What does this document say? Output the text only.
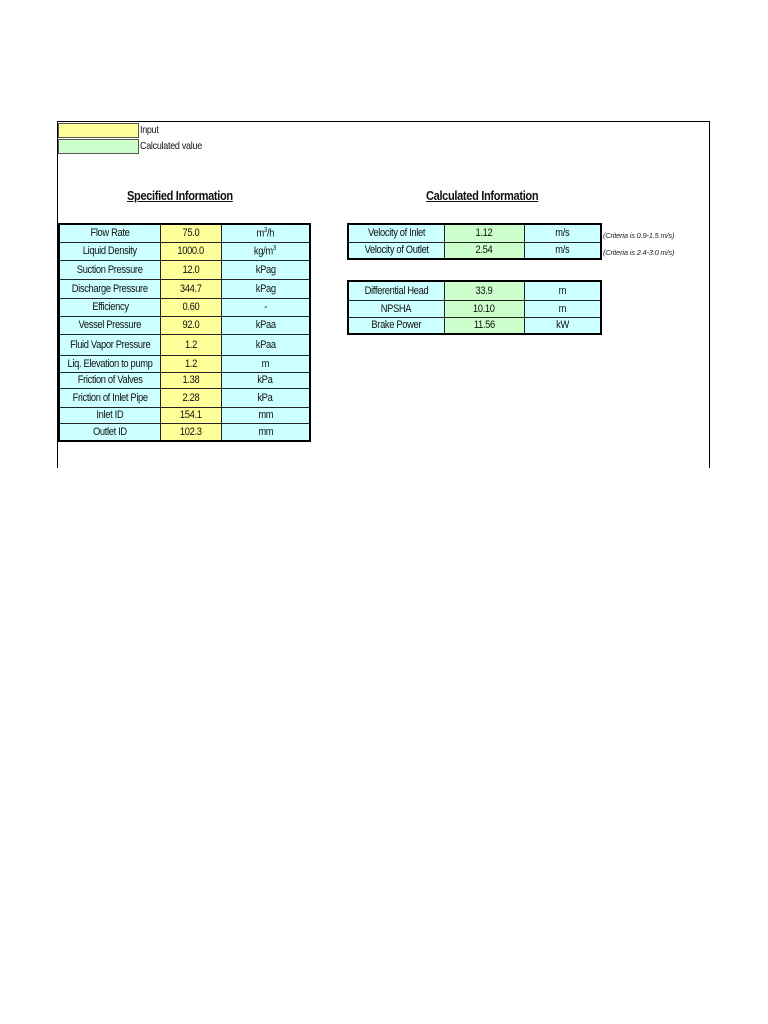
Input
Calculated value
Specified Information	Calculated Information
Flow Rate	75.0	$m^3/h$
Liquid Density	1000.0	$kg/m^3$
Suction Pressure	12.0	kPag
Discharge Pressure	344.7	kPag
Efficiency	0.60	-
Vessel Pressure	92.0	kPaa
Fluid Vapor Pressure	1.2	kPaa
Liq. Elevation to pump	1.2	m
Friction of Valves	1.38	kPa
Friction of Inlet Pipe	2.28	kPa
Inlet ID	154.1	mm
Outlet ID	102.3	mm
Velocity of Inlet	1.12	m/s
Velocity of Outlet	2.54	m/s
(Criteria is 0.9-1.5 m/s)
(Criteria is 2.4-3.0 m/s)
Differential Head	33.9	m
NPSHA	10.10	m
Brake Power	11.56	kW
